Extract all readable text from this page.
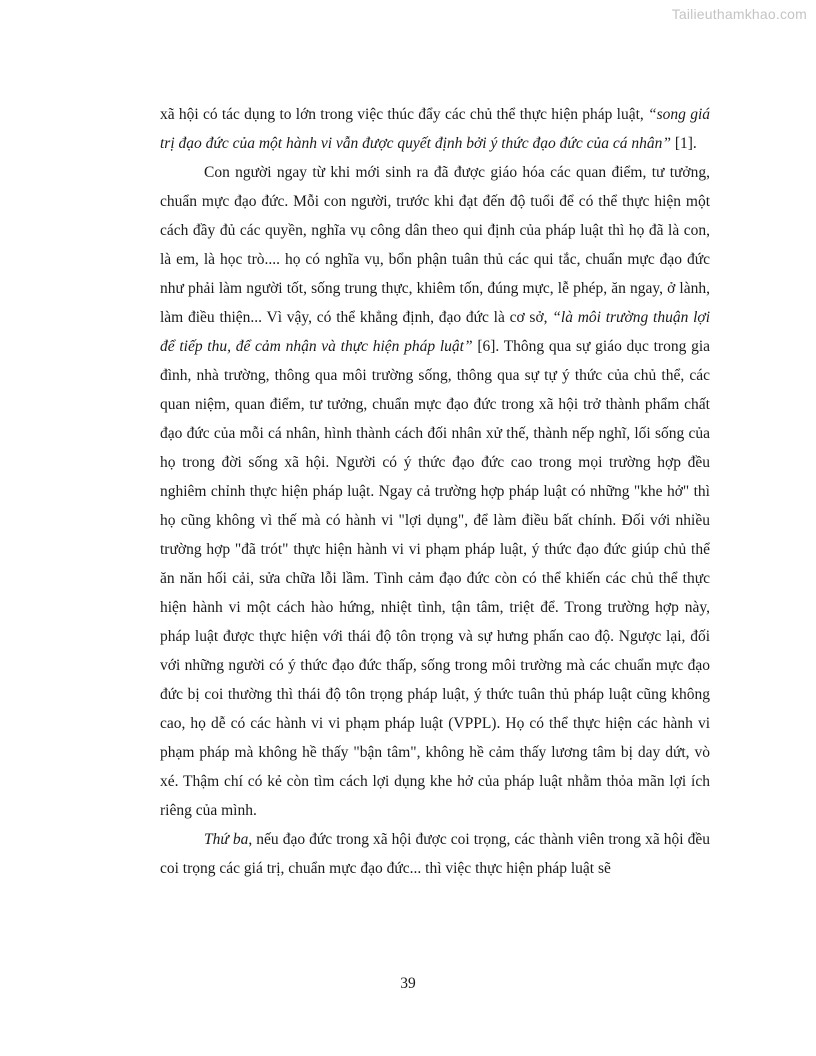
Tailieuthamkhao.com

xã hội có tác dụng to lớn trong việc thúc đẩy các chủ thể thực hiện pháp luật, “song giá trị đạo đức của một hành vi vẫn được quyết định bởi ý thức đạo đức của cá nhân” [1].

Con người ngay từ khi mới sinh ra đã được giáo hóa các quan điểm, tư tưởng, chuẩn mực đạo đức. Mỗi con người, trước khi đạt đến độ tuổi để có thể thực hiện một cách đầy đủ các quyền, nghĩa vụ công dân theo qui định của pháp luật thì họ đã là con, là em, là học trò.... họ có nghĩa vụ, bổn phận tuân thủ các qui tắc, chuẩn mực đạo đức như phải làm người tốt, sống trung thực, khiêm tốn, đúng mực, lễ phép, ăn ngay, ở lành, làm điều thiện... Vì vậy, có thể khẳng định, đạo đức là cơ sở, “là môi trường thuận lợi để tiếp thu, để cảm nhận và thực hiện pháp luật” [6]. Thông qua sự giáo dục trong gia đình, nhà trường, thông qua môi trường sống, thông qua sự tự ý thức của chủ thể, các quan niệm, quan điểm, tư tưởng, chuẩn mực đạo đức trong xã hội trở thành phẩm chất đạo đức của mỗi cá nhân, hình thành cách đối nhân xử thế, thành nếp nghĩ, lối sống của họ trong đời sống xã hội. Người có ý thức đạo đức cao trong mọi trường hợp đều nghiêm chỉnh thực hiện pháp luật. Ngay cả trường hợp pháp luật có những "khe hở" thì họ cũng không vì thế mà có hành vi "lợi dụng", để làm điều bất chính. Đối với nhiều trường hợp "đã trót" thực hiện hành vi vi phạm pháp luật, ý thức đạo đức giúp chủ thể ăn năn hối cải, sửa chữa lỗi lầm. Tình cảm đạo đức còn có thể khiến các chủ thể thực hiện hành vi một cách hào hứng, nhiệt tình, tận tâm, triệt để. Trong trường hợp này, pháp luật được thực hiện với thái độ tôn trọng và sự hưng phấn cao độ. Ngược lại, đối với những người có ý thức đạo đức thấp, sống trong môi trường mà các chuẩn mực đạo đức bị coi thường thì thái độ tôn trọng pháp luật, ý thức tuân thủ pháp luật cũng không cao, họ dễ có các hành vi vi phạm pháp luật (VPPL). Họ có thể thực hiện các hành vi phạm pháp mà không hề thấy "bận tâm", không hề cảm thấy lương tâm bị day dứt, vò xé. Thậm chí có kẻ còn tìm cách lợi dụng khe hở của pháp luật nhằm thỏa mãn lợi ích riêng của mình.

Thứ ba, nếu đạo đức trong xã hội được coi trọng, các thành viên trong xã hội đều coi trọng các giá trị, chuẩn mực đạo đức... thì việc thực hiện pháp luật sẽ

39
